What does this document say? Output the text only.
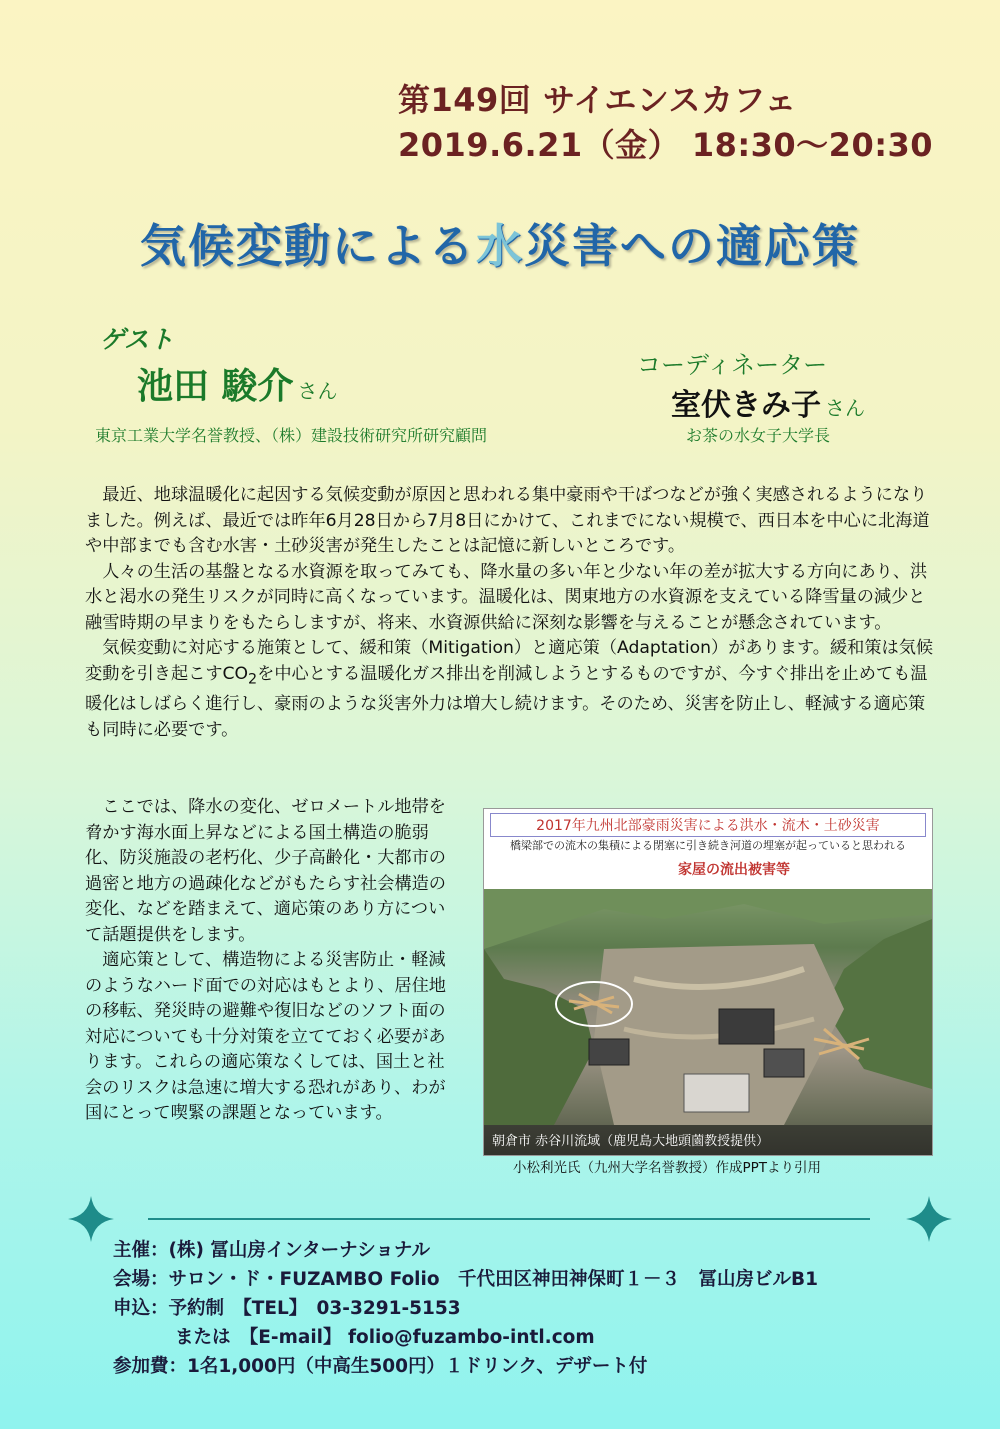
第149回 サイエンスカフェ
2019.6.21（金） 18:30～20:30
気候変動による水災害への適応策
ゲスト
池田 駿介 さん
東京工業大学名誉教授、（株）建設技術研究所研究顧問
コーディネーター
室伏きみ子 さん
お茶の水女子大学長

最近、地球温暖化に起因する気候変動が原因と思われる集中豪雨や干ばつなどが強く実感されるようになりました。例えば、最近では昨年6月28日から7月8日にかけて、これまでにない規模で、西日本を中心に北海道や中部までも含む水害・土砂災害が発生したことは記憶に新しいところです。

人々の生活の基盤となる水資源を取ってみても、降水量の多い年と少ない年の差が拡大する方向にあり、洪水と渇水の発生リスクが同時に高くなっています。温暖化は、関東地方の水資源を支えている降雪量の減少と融雪時期の早まりをもたらしますが、将来、水資源供給に深刻な影響を与えることが懸念されています。

気候変動に対応する施策として、緩和策（Mitigation）と適応策（Adaptation）があります。緩和策は気候変動を引き起こす$CO_2$を中心とする温暖化ガス排出を削減しようとするものですが、今すぐ排出を止めても温暖化はしばらく進行し、豪雨のような災害外力は増大し続けます。そのため、災害を防止し、軽減する適応策も同時に必要です。

ここでは、降水の変化、ゼロメートル地帯を脅かす海水面上昇などによる国土構造の脆弱化、防災施設の老朽化、少子高齢化・大都市の過密と地方の過疎化などがもたらす社会構造の変化、などを踏まえて、適応策のあり方について話題提供をします。

適応策として、構造物による災害防止・軽減のようなハード面での対応はもとより、居住地の移転、発災時の避難や復旧などのソフト面の対応についても十分対策を立てておく必要があります。これらの適応策なくしては、国土と社会のリスクは急速に増大する恐れがあり、わが国にとって喫緊の課題となっています。

2017年九州北部豪雨災害による洪水・流木・土砂災害
橋梁部での流木の集積による閉塞に引き続き河道の埋塞が起っていると思われる
家屋の流出被害等
朝倉市 赤谷川流域（鹿児島大地頭薗教授提供）
小松利光氏（九州大学名誉教授）作成PPTより引用
主催：(株) 冨山房インターナショナル
会場：サロン・ド・FUZAMBO Folio　千代田区神田神保町１－３　冨山房ビルB1
申込：予約制　【TEL】　03-3291-5153
または　【E-mail】 folio@fuzambo-intl.com
参加費：1名1,000円（中高生500円）１ドリンク、デザート付
